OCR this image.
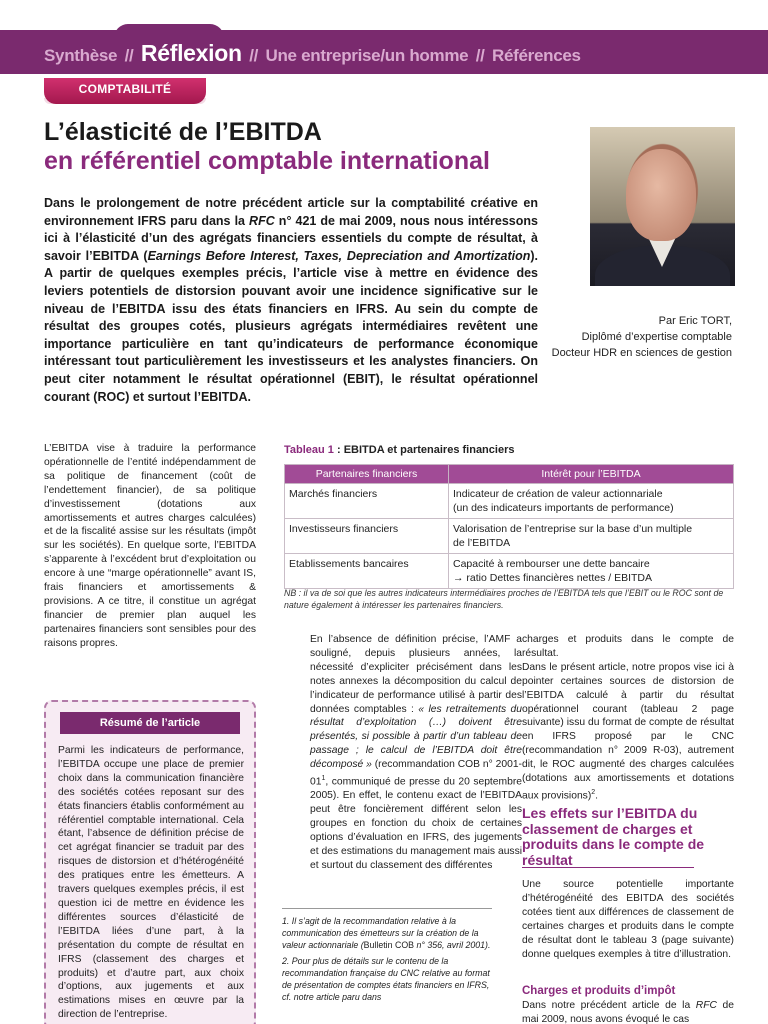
Synthèse // Réflexion // Une entreprise/un homme // Références
COMPTABILITÉ
L’élasticité de l’EBITDA
en référentiel comptable international
Par Eric TORT,
Diplômé d’expertise comptable
Docteur HDR en sciences de gestion
Dans le prolongement de notre précédent article sur la comptabilité créative en environnement IFRS paru dans la RFC n° 421 de mai 2009, nous nous intéressons ici à l’élasticité d’un des agrégats financiers essentiels du compte de résultat, à savoir l’EBITDA (Earnings Before Interest, Taxes, Depreciation and Amortization). A partir de quelques exemples précis, l’article vise à mettre en évidence des leviers potentiels de distorsion pouvant avoir une incidence significative sur le niveau de l’EBITDA issu des états financiers en IFRS. Au sein du compte de résultat des groupes cotés, plusieurs agrégats intermédiaires revêtent une importance particulière en tant qu’indicateurs de performance économique intéressant tout particulièrement les investisseurs et les analystes financiers. On peut citer notamment le résultat opérationnel (EBIT), le résultat opérationnel courant (ROC) et surtout l’EBITDA.

L’EBITDA vise à traduire la performance opérationnelle de l’entité indépendamment de sa politique de financement (coût de l’endettement financier), de sa politique d’investissement (dotations aux amortissements et autres charges calculées) et de la fiscalité assise sur les résultats (impôt sur les sociétés). En quelque sorte, l’EBITDA s’apparente à l’excédent brut d’exploitation ou encore à une “marge opérationnelle” avant IS, frais financiers et amortissements & provisions. A ce titre, il constitue un agrégat financier de premier plan auquel les partenaires financiers sont sensibles pour des raisons propres.

Tableau 1 : EBITDA et partenaires financiers
Partenaires financiers	Intérêt pour l’EBITDA
Marchés financiers	Indicateur de création de valeur actionnariale
(un des indicateurs importants de performance)

Investisseurs financiers	Valorisation de l’entreprise sur la base d’un multiple
de l’EBITDA

Etablissements bancaires	Capacité à rembourser une dette bancaire
→ ratio Dettes financières nettes / EBITDA
NB : il va de soi que les autres indicateurs intermédiaires proches de l’EBITDA tels que l’EBIT ou le ROC sont de nature également à intéresser les partenaires financiers.
Résumé de l’article
Parmi les indicateurs de performance, l’EBITDA occupe une place de premier choix dans la communication financière des sociétés cotées reposant sur des états financiers établis conformément au référentiel comptable international. Cela étant, l’absence de définition précise de cet agrégat financier se traduit par des risques de distorsion et d’hétérogénéité des pratiques entre les émetteurs. A travers quelques exemples précis, il est question ici de mettre en évidence les différentes sources d’élasticité de l’EBITDA liées d’une part, à la présentation du compte de résultat en IFRS (classement des charges et produits) et d’autre part, aux choix d’options, aux jugements et aux estimations mises en œuvre par la direction de l’entreprise.

En l’absence de définition précise, l’AMF a souligné, depuis plusieurs années, la nécessité d’expliciter précisément dans les notes annexes la décomposition du calcul de l’indicateur de performance utilisé à partir des données comptables : « les retraitements du résultat d’exploitation (…) doivent être présentés, si possible à partir d’un tableau de passage ; le calcul de l’EBITDA doit être décomposé » (recommandation COB n° $2001-01^1$, communiqué de presse du 20 septembre 2005). En effet, le contenu exact de l’EBITDA peut être foncièrement différent selon les groupes en fonction du choix de certaines options d’évaluation en IFRS, des jugements et des estimations du management mais aussi et surtout du classement des différentes

1. Il s’agit de la recommandation relative à la communication des émetteurs sur la création de la valeur actionnariale (Bulletin COB n° 356, avril 2001).
2. Pour plus de détails sur le contenu de la recommandation française du CNC relative au format de présentation de comptes états financiers en IFRS, cf. notre article paru dans

charges et produits dans le compte de résultat.

Dans le présent article, notre propos vise ici à pointer certaines sources de distorsion de l’EBITDA calculé à partir du résultat opérationnel courant (tableau 2 page suivante) issu du format de compte de résultat en IFRS proposé par le CNC (recommandation n° 2009 R-03), autrement dit, le ROC augmenté des charges calculées (dotations aux amortissements et dotations aux provisions)$^2$.

Les effets sur l’EBITDA du classement de charges et produits dans le compte de résultat
Une source potentielle importante d’hétérogénéité des EBITDA des sociétés cotées tient aux différences de classement de certaines charges et produits dans le compte de résultat dont le tableau 3 (page suivante) donne quelques exemples à titre d’illustration.
Charges et produits d’impôt
Dans notre précédent article de la RFC de mai 2009, nous avons évoqué le cas
